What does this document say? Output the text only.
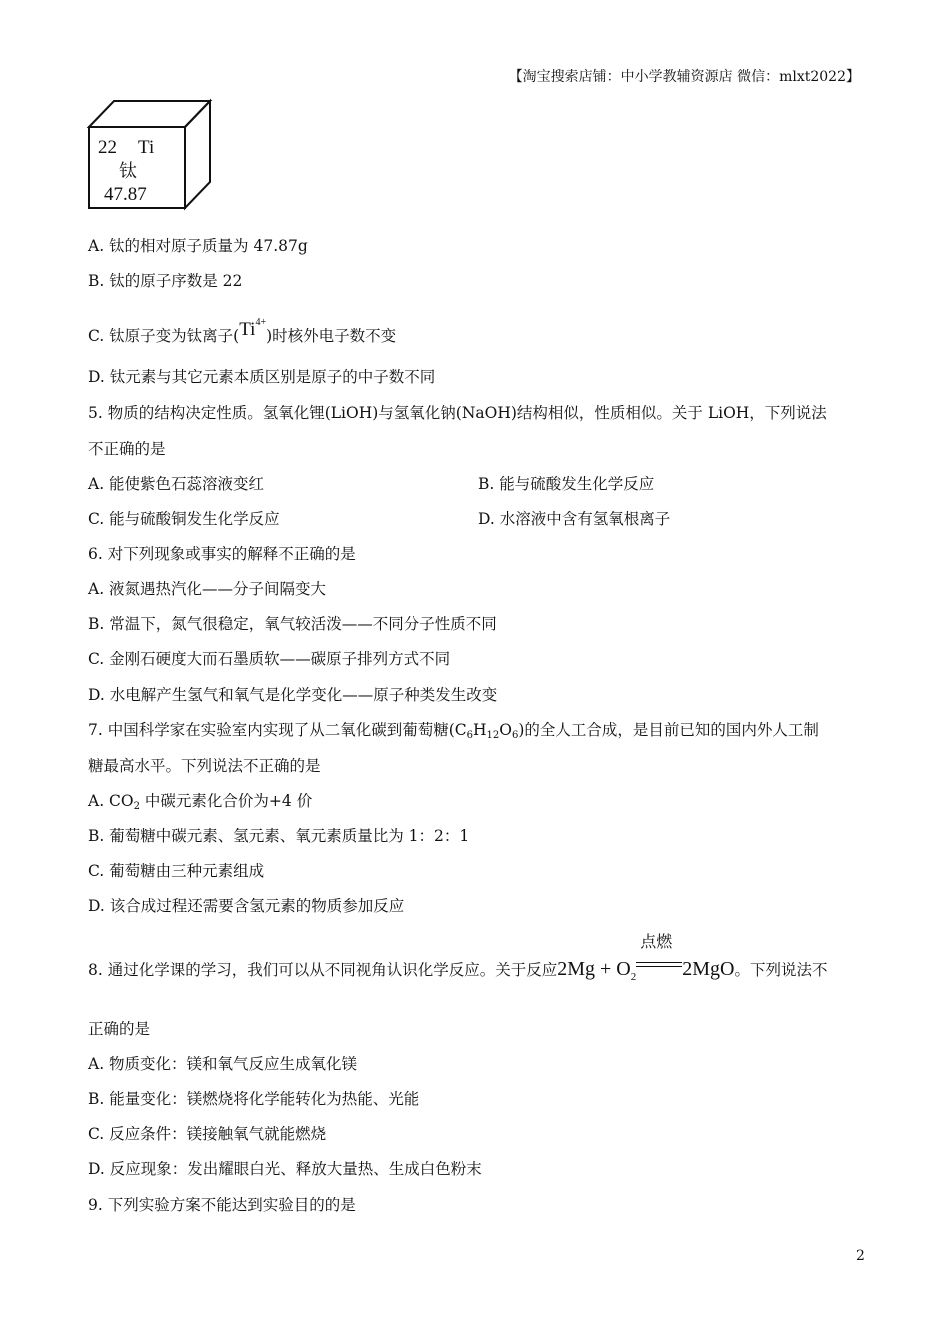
【淘宝搜索店铺：中小学教辅资源店 微信：mlxt2022】
22 Ti
钛
47.87
A. 钛的相对原子质量为 47.87g
B. 钛的原子序数是 22
C. 钛原子变为钛离子$(Ti^{4+})$时核外电子数不变
D. 钛元素与其它元素本质区别是原子的中子数不同
5. 物质的结构决定性质。氢氧化锂(LiOH)与氢氧化钠(NaOH)结构相似，性质相似。关于 LiOH，下列说法
不正确的是
A. 能使紫色石蕊溶液变红	B. 能与硫酸发生化学反应
C. 能与硫酸铜发生化学反应	D. 水溶液中含有氢氧根离子
6. 对下列现象或事实的解释不正确的是
A. 液氮遇热汽化——分子间隔变大
B. 常温下，氮气很稳定，氧气较活泼——不同分子性质不同
C. 金刚石硬度大而石墨质软——碳原子排列方式不同
D. 水电解产生氢气和氧气是化学变化——原子种类发生改变
7. 中国科学家在实验室内实现了从二氧化碳到葡萄糖$(C_6H_{12}O_6)$的全人工合成，是目前已知的国内外人工制
糖最高水平。下列说法不正确的是
A. $CO_2$ 中碳元素化合价为+4 价
B. 葡萄糖中碳元素、氢元素、氧元素质量比为 1：2：1
C. 葡萄糖由三种元素组成
D. 该合成过程还需要含氢元素的物质参加反应
8. 通过化学课的学习，我们可以从不同视角认识化学反应。关于反应$2Mg + O_2$
点燃
2MgO。下列说法不
正确的是
A. 物质变化：镁和氧气反应生成氧化镁
B. 能量变化：镁燃烧将化学能转化为热能、光能
C. 反应条件：镁接触氧气就能燃烧
D. 反应现象：发出耀眼白光、释放大量热、生成白色粉末
9. 下列实验方案不能达到实验目的的是
2
